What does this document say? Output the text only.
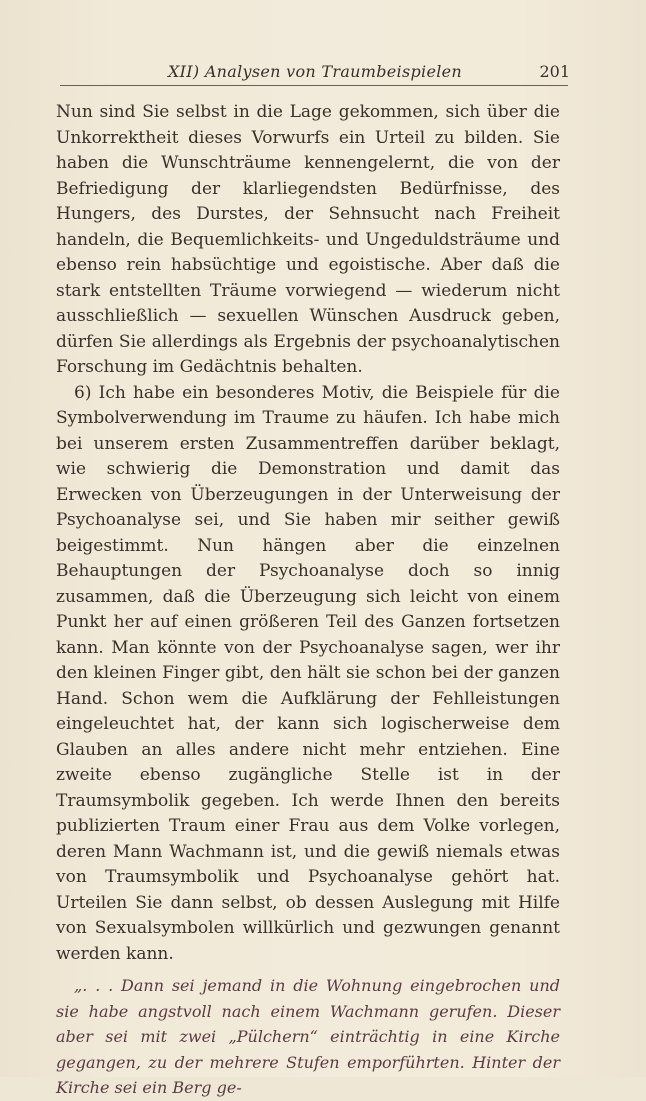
XII) Analysen von Traumbeispielen	201

Nun sind Sie selbst in die Lage gekommen, sich über die Unkorrektheit dieses Vorwurfs ein Urteil zu bilden. Sie haben die Wunschträume kennengelernt, die von der Befriedigung der klarliegendsten Bedürfnisse, des Hungers, des Durstes, der Sehnsucht nach Freiheit handeln, die Bequemlichkeits- und Ungeduldsträume und ebenso rein habsüchtige und egoistische. Aber daß die stark entstellten Träume vorwiegend — wiederum nicht ausschließlich — sexuellen Wünschen Ausdruck geben, dürfen Sie allerdings als Ergebnis der psychoanalytischen Forschung im Gedächtnis behalten.

6) Ich habe ein besonderes Motiv, die Beispiele für die Symbolverwendung im Traume zu häufen. Ich habe mich bei unserem ersten Zusammentreffen darüber beklagt, wie schwierig die Demonstration und damit das Erwecken von Überzeugungen in der Unterweisung der Psychoanalyse sei, und Sie haben mir seither gewiß beigestimmt. Nun hängen aber die einzelnen Behauptungen der Psychoanalyse doch so innig zusammen, daß die Überzeugung sich leicht von einem Punkt her auf einen größeren Teil des Ganzen fortsetzen kann. Man könnte von der Psychoanalyse sagen, wer ihr den kleinen Finger gibt, den hält sie schon bei der ganzen Hand. Schon wem die Aufklärung der Fehlleistungen eingeleuchtet hat, der kann sich logischerweise dem Glauben an alles andere nicht mehr entziehen. Eine zweite ebenso zugängliche Stelle ist in der Traumsymbolik gegeben. Ich werde Ihnen den bereits publizierten Traum einer Frau aus dem Volke vorlegen, deren Mann Wachmann ist, und die gewiß niemals etwas von Traumsymbolik und Psychoanalyse gehört hat. Urteilen Sie dann selbst, ob dessen Auslegung mit Hilfe von Sexualsymbolen willkürlich und gezwungen genannt werden kann.

„. . . Dann sei jemand in die Wohnung eingebrochen und sie habe angstvoll nach einem Wachmann gerufen. Dieser aber sei mit zwei „Pülchern“ einträchtig in eine Kirche gegangen, zu der mehrere Stufen emporführten. Hinter der Kirche sei ein Berg ge-
